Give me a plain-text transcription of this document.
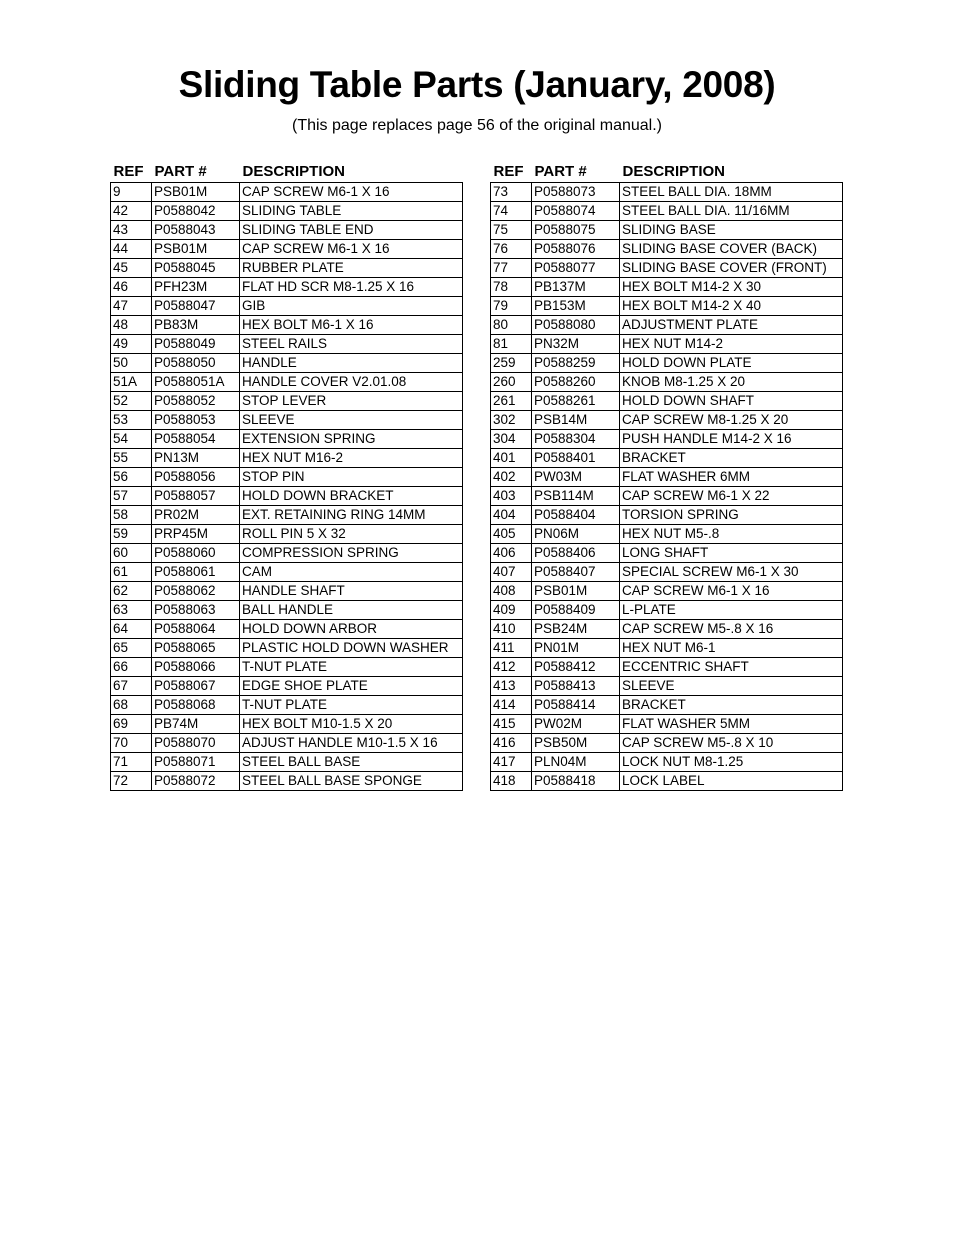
Sliding Table Parts (January, 2008)

(This page replaces page 56 of the original manual.)

REF	PART #	DESCRIPTION
9	PSB01M	CAP SCREW M6-1 X 16
42	P0588042	SLIDING TABLE
43	P0588043	SLIDING TABLE END
44	PSB01M	CAP SCREW M6-1 X 16
45	P0588045	RUBBER PLATE
46	PFH23M	FLAT HD SCR M8-1.25 X 16
47	P0588047	GIB
48	PB83M	HEX BOLT M6-1 X 16
49	P0588049	STEEL RAILS
50	P0588050	HANDLE
51A	P0588051A	HANDLE COVER V2.01.08
52	P0588052	STOP LEVER
53	P0588053	SLEEVE
54	P0588054	EXTENSION SPRING
55	PN13M	HEX NUT M16-2
56	P0588056	STOP PIN
57	P0588057	HOLD DOWN BRACKET
58	PR02M	EXT. RETAINING RING 14MM
59	PRP45M	ROLL PIN 5 X 32
60	P0588060	COMPRESSION SPRING
61	P0588061	CAM
62	P0588062	HANDLE SHAFT
63	P0588063	BALL HANDLE
64	P0588064	HOLD DOWN ARBOR
65	P0588065	PLASTIC HOLD DOWN WASHER
66	P0588066	T-NUT PLATE
67	P0588067	EDGE SHOE PLATE
68	P0588068	T-NUT PLATE
69	PB74M	HEX BOLT M10-1.5 X 20
70	P0588070	ADJUST HANDLE M10-1.5 X 16
71	P0588071	STEEL BALL BASE
72	P0588072	STEEL BALL BASE SPONGE
REF	PART #	DESCRIPTION
73	P0588073	STEEL BALL DIA. 18MM
74	P0588074	STEEL BALL DIA. 11/16MM
75	P0588075	SLIDING BASE
76	P0588076	SLIDING BASE COVER (BACK)
77	P0588077	SLIDING BASE COVER (FRONT)
78	PB137M	HEX BOLT M14-2 X 30
79	PB153M	HEX BOLT M14-2 X 40
80	P0588080	ADJUSTMENT PLATE
81	PN32M	HEX NUT M14-2
259	P0588259	HOLD DOWN PLATE
260	P0588260	KNOB M8-1.25 X 20
261	P0588261	HOLD DOWN SHAFT
302	PSB14M	CAP SCREW M8-1.25 X 20
304	P0588304	PUSH HANDLE M14-2 X 16
401	P0588401	BRACKET
402	PW03M	FLAT WASHER 6MM
403	PSB114M	CAP SCREW M6-1 X 22
404	P0588404	TORSION SPRING
405	PN06M	HEX NUT M5-.8
406	P0588406	LONG SHAFT
407	P0588407	SPECIAL SCREW M6-1 X 30
408	PSB01M	CAP SCREW M6-1 X 16
409	P0588409	L-PLATE
410	PSB24M	CAP SCREW M5-.8 X 16
411	PN01M	HEX NUT M6-1
412	P0588412	ECCENTRIC SHAFT
413	P0588413	SLEEVE
414	P0588414	BRACKET
415	PW02M	FLAT WASHER 5MM
416	PSB50M	CAP SCREW M5-.8 X 10
417	PLN04M	LOCK NUT M8-1.25
418	P0588418	LOCK LABEL
